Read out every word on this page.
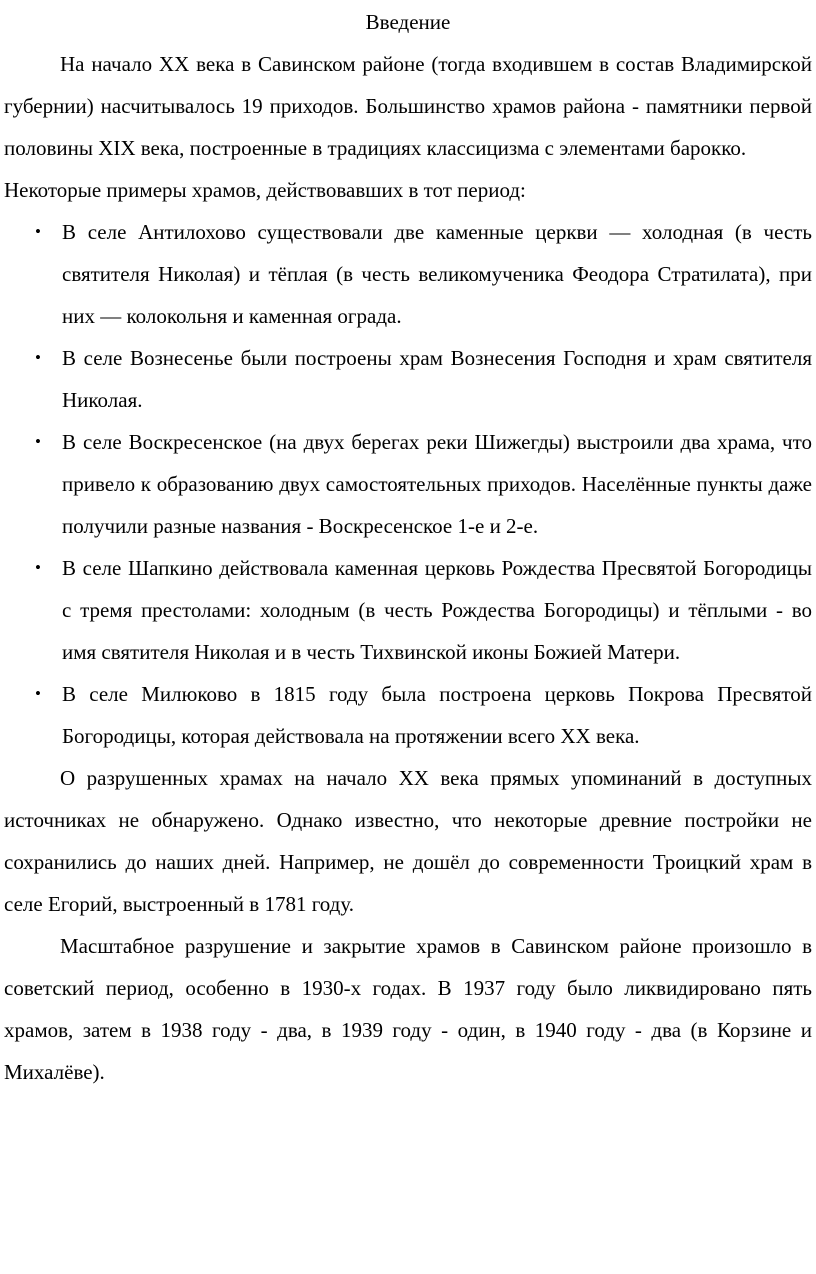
Введение

На начало XX века в Савинском районе (тогда входившем в состав Владимирской губернии) насчитывалось 19 приходов. Большинство храмов района - памятники первой половины XIX века, построенные в традициях классицизма с элементами барокко.

Некоторые примеры храмов, действовавших в тот период:

•	В селе Антилохово существовали две каменные церкви — холодная (в честь святителя Николая) и тёплая (в честь великомученика Феодора Стратилата), при них — колокольня и каменная ограда.
•	В селе Вознесенье были построены храм Вознесения Господня и храм святителя Николая.
•	В селе Воскресенское (на двух берегах реки Шижегды) выстроили два храма, что привело к образованию двух самостоятельных приходов. Населённые пункты даже получили разные названия - Воскресенское 1-е и 2-е.
•	В селе Шапкино действовала каменная церковь Рождества Пресвятой Богородицы с тремя престолами: холодным (в честь Рождества Богородицы) и тёплыми - во имя святителя Николая и в честь Тихвинской иконы Божией Матери.
•	В селе Милюково в 1815 году была построена церковь Покрова Пресвятой Богородицы, которая действовала на протяжении всего XX века.

О разрушенных храмах на начало XX века прямых упоминаний в доступных источниках не обнаружено. Однако известно, что некоторые древние постройки не сохранились до наших дней. Например, не дошёл до современности Троицкий храм в селе Егорий, выстроенный в 1781 году.

Масштабное разрушение и закрытие храмов в Савинском районе произошло в советский период, особенно в 1930-х годах. В 1937 году было ликвидировано пять храмов, затем в 1938 году - два, в 1939 году - один, в 1940 году - два (в Корзине и Михалёве).
